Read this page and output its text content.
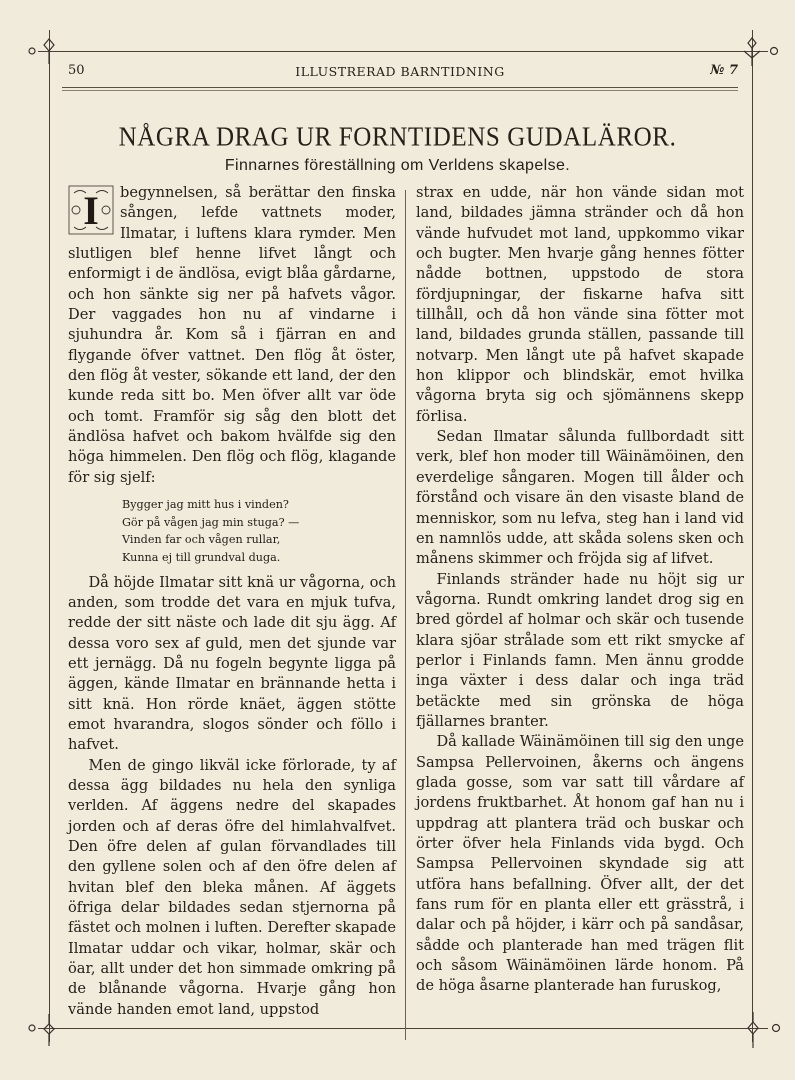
50	ILLUSTRERAD BARNTIDNING	№ 7
NÅGRA DRAG UR FORNTIDENS GUDALÄROR.
Finnarnes föreställning om Verldens skapelse.

I begynnelsen, så berättar den finska sången, lefde vattnets moder, Ilmatar, i luftens klara rymder. Men slutligen blef henne lifvet långt och enformigt i de ändlösa, evigt blåa gårdarne, och hon sänkte sig ner på hafvets vågor. Der vaggades hon nu af vindarne i sjuhundra år. Kom så i fjärran en and flygande öfver vattnet. Den flög åt öster, den flög åt vester, sökande ett land, der den kunde reda sitt bo. Men öfver allt var öde och tomt. Framför sig såg den blott det ändlösa hafvet och bakom hvälfde sig den höga himmelen. Den flög och flög, klagande för sig sjelf:

Bygger jag mitt hus i vinden?
Gör på vågen jag min stuga? —
Vinden far och vågen rullar,
Kunna ej till grundval duga.

Då höjde Ilmatar sitt knä ur vågorna, och anden, som trodde det vara en mjuk tufva, redde der sitt näste och lade dit sju ägg. Af dessa voro sex af guld, men det sjunde var ett jernägg. Då nu fogeln begynte ligga på äggen, kände Ilmatar en brännande hetta i sitt knä. Hon rörde knäet, äggen stötte emot hvarandra, slogos sönder och föllo i hafvet.

Men de gingo likväl icke förlorade, ty af dessa ägg bildades nu hela den synliga verlden. Af äggens nedre del skapades jorden och af deras öfre del himlahvalfvet. Den öfre delen af gulan förvandlades till den gyllene solen och af den öfre delen af hvitan blef den bleka månen. Af äggets öfriga delar bildades sedan stjernorna på fästet och molnen i luften. Derefter skapade Ilmatar uddar och vikar, holmar, skär och öar, allt under det hon simmade omkring på de blånande vågorna. Hvarje gång hon vände handen emot land, uppstod

strax en udde, när hon vände sidan mot land, bildades jämna stränder och då hon vände hufvudet mot land, uppkommo vikar och bugter. Men hvarje gång hennes fötter nådde bottnen, uppstodo de stora fördjupningar, der fiskarne hafva sitt tillhåll, och då hon vände sina fötter mot land, bildades grunda ställen, passande till notvarp. Men långt ute på hafvet skapade hon klippor och blindskär, emot hvilka vågorna bryta sig och sjömännens skepp förlisa.

Sedan Ilmatar sålunda fullbordadt sitt verk, blef hon moder till Wäinämöinen, den everdelige sångaren. Mogen till ålder och förstånd och visare än den visaste bland de menniskor, som nu lefva, steg han i land vid en namnlös udde, att skåda solens sken och månens skimmer och fröjda sig af lifvet.

Finlands stränder hade nu höjt sig ur vågorna. Rundt omkring landet drog sig en bred gördel af holmar och skär och tusende klara sjöar strålade som ett rikt smycke af perlor i Finlands famn. Men ännu grodde inga växter i dess dalar och inga träd betäckte med sin grönska de höga fjällarnes branter.

Då kallade Wäinämöinen till sig den unge Sampsa Pellervoinen, åkerns och ängens glada gosse, som var satt till vårdare af jordens fruktbarhet. Åt honom gaf han nu i uppdrag att plantera träd och buskar och örter öfver hela Finlands vida bygd. Och Sampsa Pellervoinen skyndade sig att utföra hans befallning. Öfver allt, der det fans rum för en planta eller ett grässtrå, i dalar och på höjder, i kärr och på sandåsar, sådde och planterade han med trägen flit och såsom Wäinämöinen lärde honom. På de höga åsarne planterade han furuskog,
